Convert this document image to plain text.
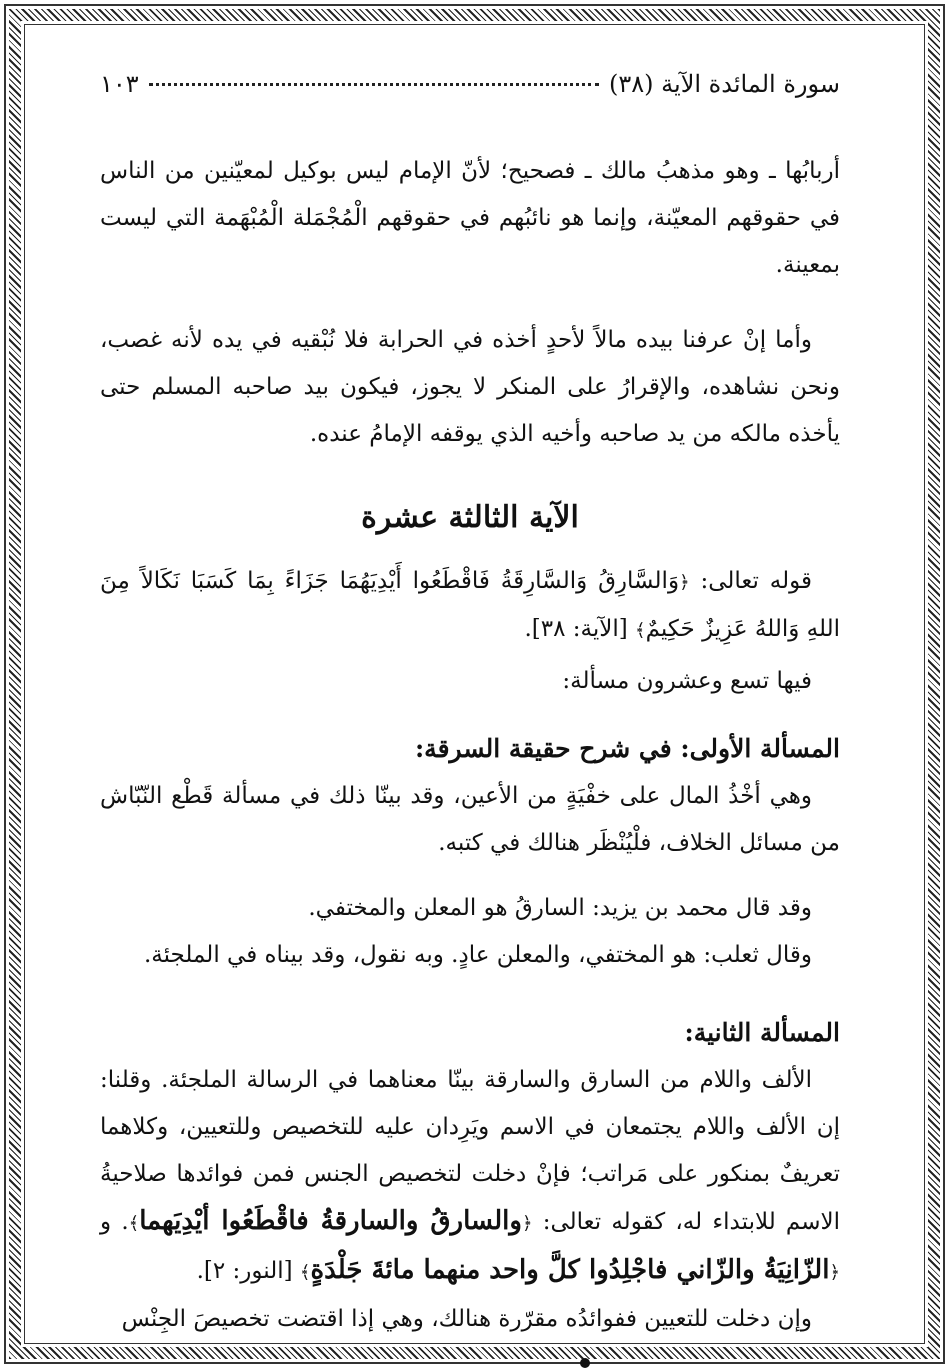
سورة المائدة الآية (٣٨)
١٠٣

أربابُها ـ وهو مذهبُ مالك ـ فصحيح؛ لأنّ الإمام ليس بوكيل لمعيّنين من الناس في حقوقهم المعيّنة، وإنما هو نائبُهم في حقوقهم الْمُجْمَلة الْمُبْهَمة التي ليست بمعينة.

وأما إنْ عرفنا بيده مالاً لأحدٍ أخذه في الحرابة فلا نُبْقيه في يده لأنه غصب، ونحن نشاهده، والإقرارُ على المنكر لا يجوز، فيكون بيد صاحبه المسلم حتى يأخذه مالكه من يد صاحبه وأخيه الذي يوقفه الإمامُ عنده.

الآية الثالثة عشرة

قوله تعالى: ﴿وَالسَّارِقُ وَالسَّارِقَةُ فَاقْطَعُوا أَيْدِيَهُمَا جَزَاءً بِمَا كَسَبَا نَكَالاً مِنَ اللهِ وَاللهُ عَزِيزٌ حَكِيمٌ﴾ [الآية: ٣٨].

فيها تسع وعشرون مسألة:

المسألة الأولى: في شرح حقيقة السرقة:

وهي أخْذُ المال على خفْيَةٍ من الأعين، وقد بينّا ذلك في مسألة قَطْع النّبّاش من مسائل الخلاف، فلْيُنْظَر هنالك في كتبه.

وقد قال محمد بن يزيد: السارقُ هو المعلن والمختفي.

وقال ثعلب: هو المختفي، والمعلن عادٍ. وبه نقول، وقد بيناه في الملجئة.

المسألة الثانية:

الألف واللام من السارق والسارقة بينّا معناهما في الرسالة الملجئة. وقلنا: إن الألف واللام يجتمعان في الاسم ويَرِدان عليه للتخصيص وللتعيين، وكلاهما تعريفٌ بمنكور على مَراتب؛ فإنْ دخلت لتخصيص الجنس فمن فوائدها صلاحيةُ الاسم للابتداء له، كقوله تعالى: ﴿والسارقُ والسارقةُ فاقْطَعُوا أيْدِيَهما﴾. و ﴿الزّانِيَةُ والزّاني فاجْلِدُوا كلَّ واحد منهما مائةَ جَلْدَةٍ﴾ [النور: ٢].

وإن دخلت للتعيين ففوائدُه مقرّرة هنالك، وهي إذا اقتضت تخصيصَ الجِنْس
